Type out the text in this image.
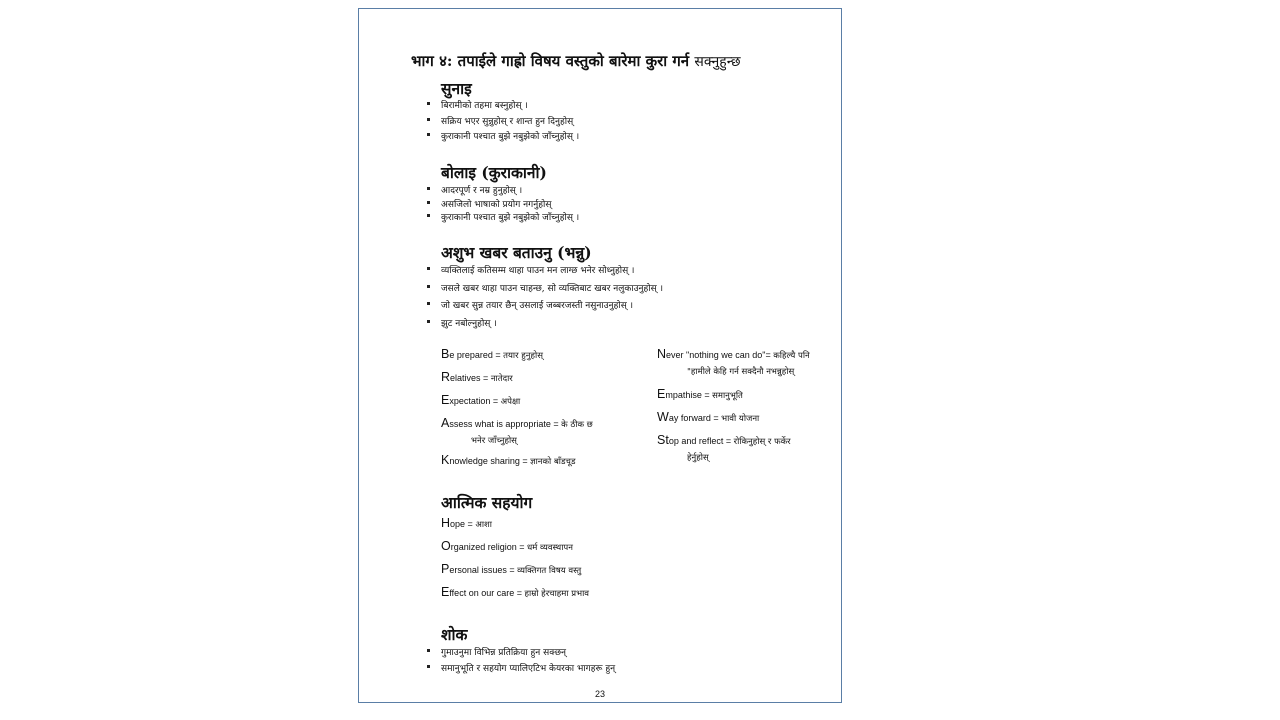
भाग ४: तपाईले गाह्रो विषय वस्तुको बारेमा कुरा गर्न सक्नुहुन्छ
सुनाइ
बिरामीको तहमा बस्नुहोस् ।
सक्रिय भएर सुन्नुहोस् र शान्त हुन दिनुहोस्
कुराकानी पश्चात बुझे नबुझेको जाँच्नुहोस् ।
बोलाइ (कुराकानी)
आदरपूर्ण र नम्र हुनुहोस् ।
असजिलो भाषाको प्रयोग नगर्नुहोस्
कुराकानी पश्चात बुझे नबुझेको जाँच्नुहोस् ।
अशुभ खबर बताउनु (भन्नु)
व्यक्तिलाई कतिसम्म थाहा पाउन मन लाग्छ भनेर सोध्नुहोस् ।
जसले खबर थाहा पाउन चाहन्छ, सो व्यक्तिबाट खबर नलुकाउनुहोस् ।
जो खबर सुन्न तयार छैन् उसलाई जब्बरजस्ती नसुनाउनुहोस् ।
झुट नबोल्नुहोस् ।
Be prepared = तयार हुनुहोस्
Relatives = नातेदार
Expectation = अपेक्षा
Assess what is appropriate = के ठीक छ
भनेर जाँच्नुहोस्
Knowledge sharing = ज्ञानको बाँडचूड
Never "nothing we can do"= कहिल्यै पनि
"हामीले केहि गर्न सक्दैनौ नभन्नुहोस्
Empathise = समानुभूति
Way forward = भावी योजना
Stop and reflect = रोकिनुहोस् र फर्केर
हेर्नुहोस्
आत्मिक सहयोग
Hope = आशा
Organized religion = धर्म व्यवस्थापन
Personal issues = व्यक्तिगत विषय वस्तु
Effect on our care = हाम्रो हेरचाहमा प्रभाव
शोक
गुमाउनुमा विभिन्न प्रतिक्रिया हुन सक्छन्
समानुभूति र सहयोग प्यालिएटिभ केयरका भागहरू हुन्
23
